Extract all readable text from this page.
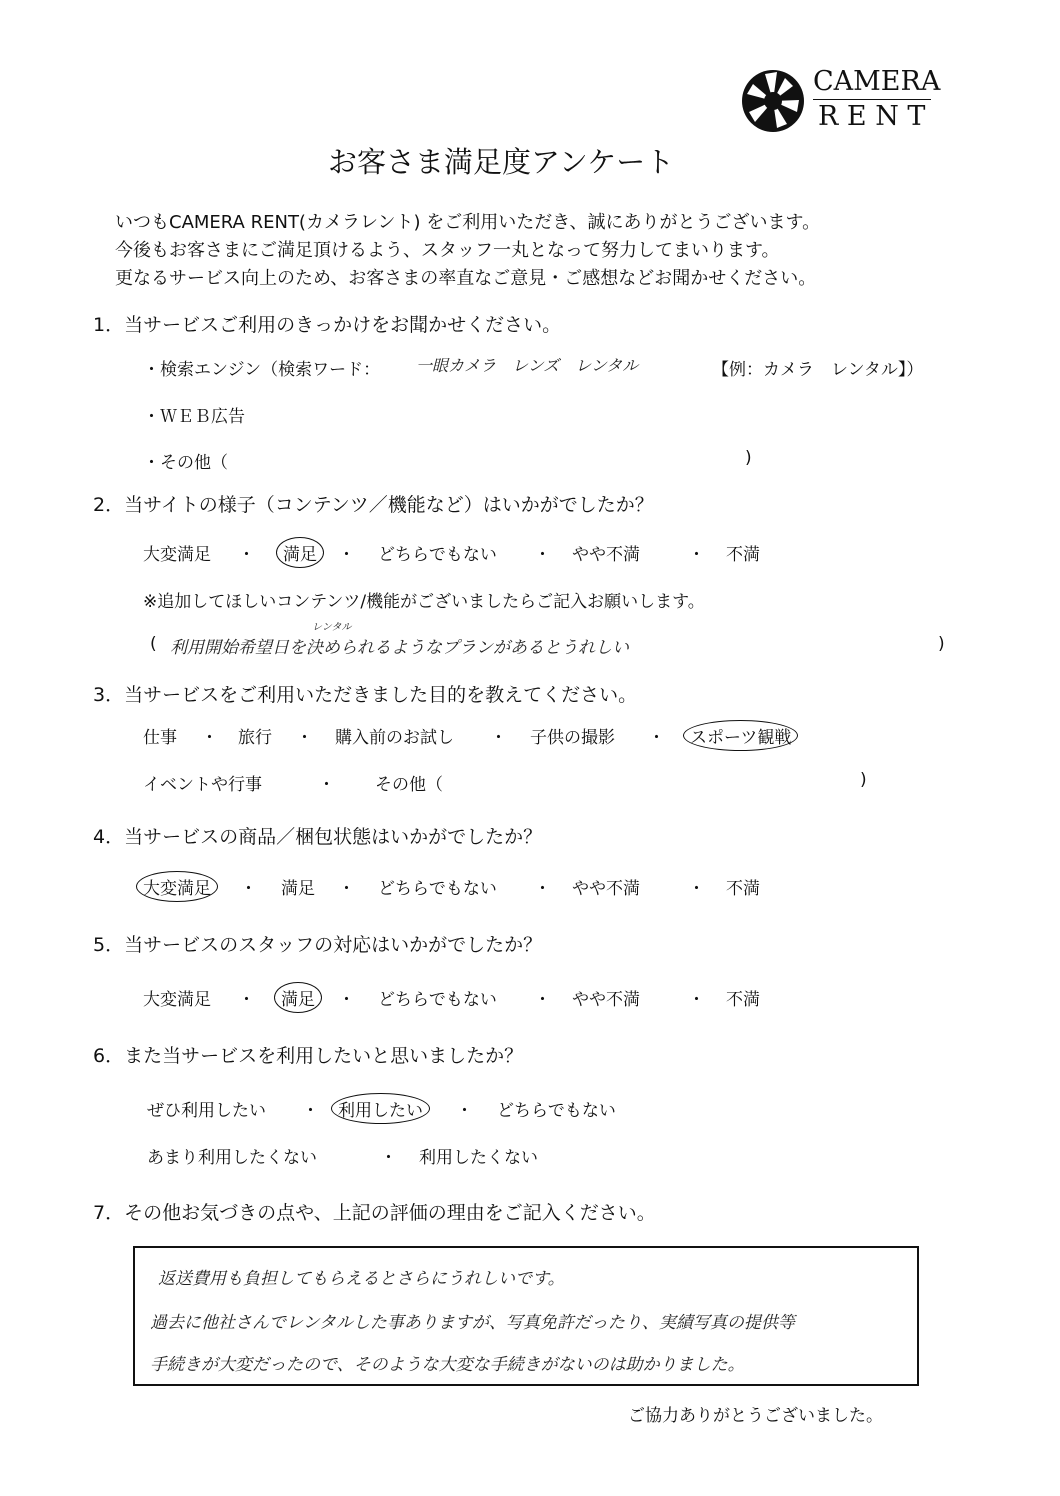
CAMERA
R E N T
お客さま満足度アンケート
いつもCAMERA RENT(カメラレント) をご利用いただき、誠にありがとうございます。
今後もお客さまにご満足頂けるよう、スタッフ一丸となって努力してまいります。
更なるサービス向上のため、お客さまの率直なご意見・ご感想などお聞かせください。
1．当サービスご利用のきっかけをお聞かせください。
・検索エンジン（検索ワード： 一眼カメラ　レンズ　レンタル	【例：カメラ　レンタル】）
・ＷＥＢ広告
・その他（	)
2．当サイトの様子（コンテンツ／機能など）はいかがでしたか？
大変満足 ・	満足	・ どちらでもない ・ やや不満	・ 不満
※追加してほしいコンテンツ/機能がございましたらご記入お願いします。
レンタル
( 利用開始希望日を決められるようなプランがあるとうれしい	)
3．当サービスをご利用いただきました目的を教えてください。
仕事 ・ 旅行 ・ 購入前のお試し ・ 子供の撮影 ・	スポーツ観戦
イベントや行事	・ その他（	)
4．当サービスの商品／梱包状態はいかがでしたか？
大変満足	・ 満足 ・ どちらでもない ・ やや不満	・ 不満
5．当サービスのスタッフの対応はいかがでしたか？
大変満足 ・	満足	・ どちらでもない ・ やや不満	・ 不満
6．また当サービスを利用したいと思いましたか？
ぜひ利用したい ・	利用したい	・ どちらでもない
あまり利用したくない	・ 利用したくない
7．その他お気づきの点や、上記の評価の理由をご記入ください。
返送費用も負担してもらえるとさらにうれしいです。
過去に他社さんでレンタルした事ありますが、写真免許だったり、実績写真の提供等
手続きが大変だったので、そのような大変な手続きがないのは助かりました。
ご協力ありがとうございました。
